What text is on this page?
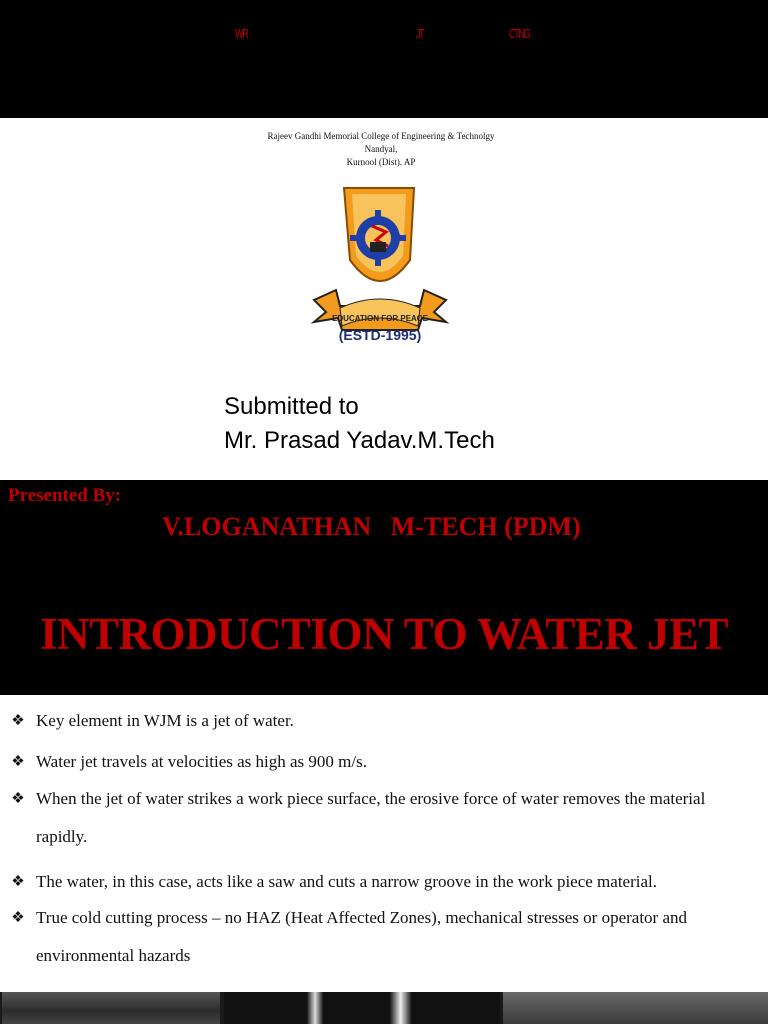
WR	JT	CTNG
Rajeev Gandhi Memorial College of Engineering & Technolgy
Nandyal,
Kurnool (Dist). AP
EDUCATION FOR PEACE
(ESTD-1995)
Submitted to
Mr. Prasad Yadav.M.Tech
Presented By:
V.LOGANATHAN   M-TECH (PDM)
INTRODUCTION TO WATER JET
❖ Key element in WJM is a jet of water.
❖ Water jet travels at velocities as high as 900 m/s.
❖ When the jet of water strikes a work piece surface, the erosive force of water removes the material rapidly.
❖ The water, in this case, acts like a saw and cuts a narrow groove in the work piece material.
❖ True cold cutting process – no HAZ (Heat Affected Zones), mechanical stresses or operator and environmental hazards
